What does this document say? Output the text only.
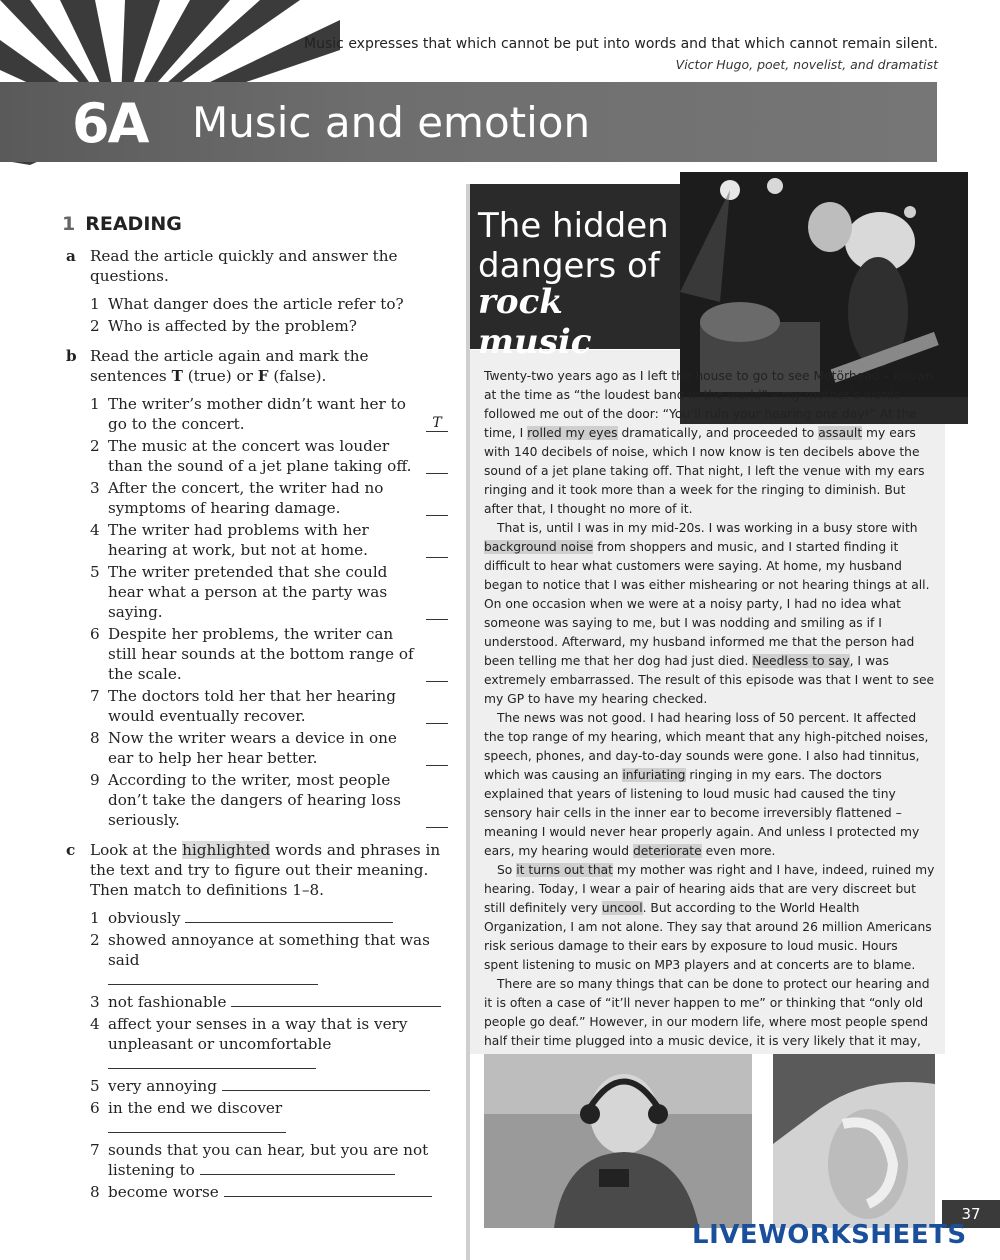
Music expresses that which cannot be put into words and that which cannot remain silent.
Victor Hugo, poet, novelist, and dramatist
6A Music and emotion
1 READING
a Read the article quickly and answer the questions.
1 What danger does the article refer to?
2 Who is affected by the problem?
b Read the article again and mark the sentences T (true) or F (false).
1 The writer’s mother didn’t want her to go to the concert.	T
2 The music at the concert was louder than the sound of a jet plane taking off.
3 After the concert, the writer had no symptoms of hearing damage.
4 The writer had problems with her hearing at work, but not at home.
5 The writer pretended that she could hear what a person at the party was saying.
6 Despite her problems, the writer can still hear sounds at the bottom range of the scale.
7 The doctors told her that her hearing would eventually recover.
8 Now the writer wears a device in one ear to help her hear better.
9 According to the writer, most people don’t take the dangers of hearing loss seriously.
c Look at the highlighted words and phrases in the text and try to figure out their meaning. Then match to definitions 1–8.
1 obviously
2 showed annoyance at something that was said

3 not fashionable
4 affect your senses in a way that is very unpleasant or uncomfortable
5 very annoying
6 in the end we discover
7 sounds that you can hear, but you are not listening to
8 become worse
The hidden
dangers of
rock music

Twenty-two years ago as I left the house to go to see Motörhead – known at the time as “the loudest band in the world” – my mother’s words followed me out of the door: “You’ll ruin your hearing one day!” At the time, I rolled my eyes dramatically, and proceeded to assault my ears with 140 decibels of noise, which I now know is ten decibels above the sound of a jet plane taking off. That night, I left the venue with my ears ringing and it took more than a week for the ringing to diminish. But after that, I thought no more of it.

That is, until I was in my mid-20s. I was working in a busy store with background noise from shoppers and music, and I started finding it difficult to hear what customers were saying. At home, my husband began to notice that I was either mishearing or not hearing things at all. On one occasion when we were at a noisy party, I had no idea what someone was saying to me, but I was nodding and smiling as if I understood. Afterward, my husband informed me that the person had been telling me that her dog had just died. Needless to say, I was extremely embarrassed. The result of this episode was that I went to see my GP to have my hearing checked.

The news was not good. I had hearing loss of 50 percent. It affected the top range of my hearing, which meant that any high-pitched noises, speech, phones, and day-to-day sounds were gone. I also had tinnitus, which was causing an infuriating ringing in my ears. The doctors explained that years of listening to loud music had caused the tiny sensory hair cells in the inner ear to become irreversibly flattened – meaning I would never hear properly again. And unless I protected my ears, my hearing would deteriorate even more.

So it turns out that my mother was right and I have, indeed, ruined my hearing. Today, I wear a pair of hearing aids that are very discreet but still definitely very uncool. But according to the World Health Organization, I am not alone. They say that around 26 million Americans risk serious damage to their ears by exposure to loud music. Hours spent listening to music on MP3 players and at concerts are to blame.

There are so many things that can be done to protect our hearing and it is often a case of “it’ll never happen to me” or thinking that “only old people go deaf.” However, in our modern life, where most people spend half their time plugged into a music device, it is very likely that it may,

37
LIVEWORKSHEETS
